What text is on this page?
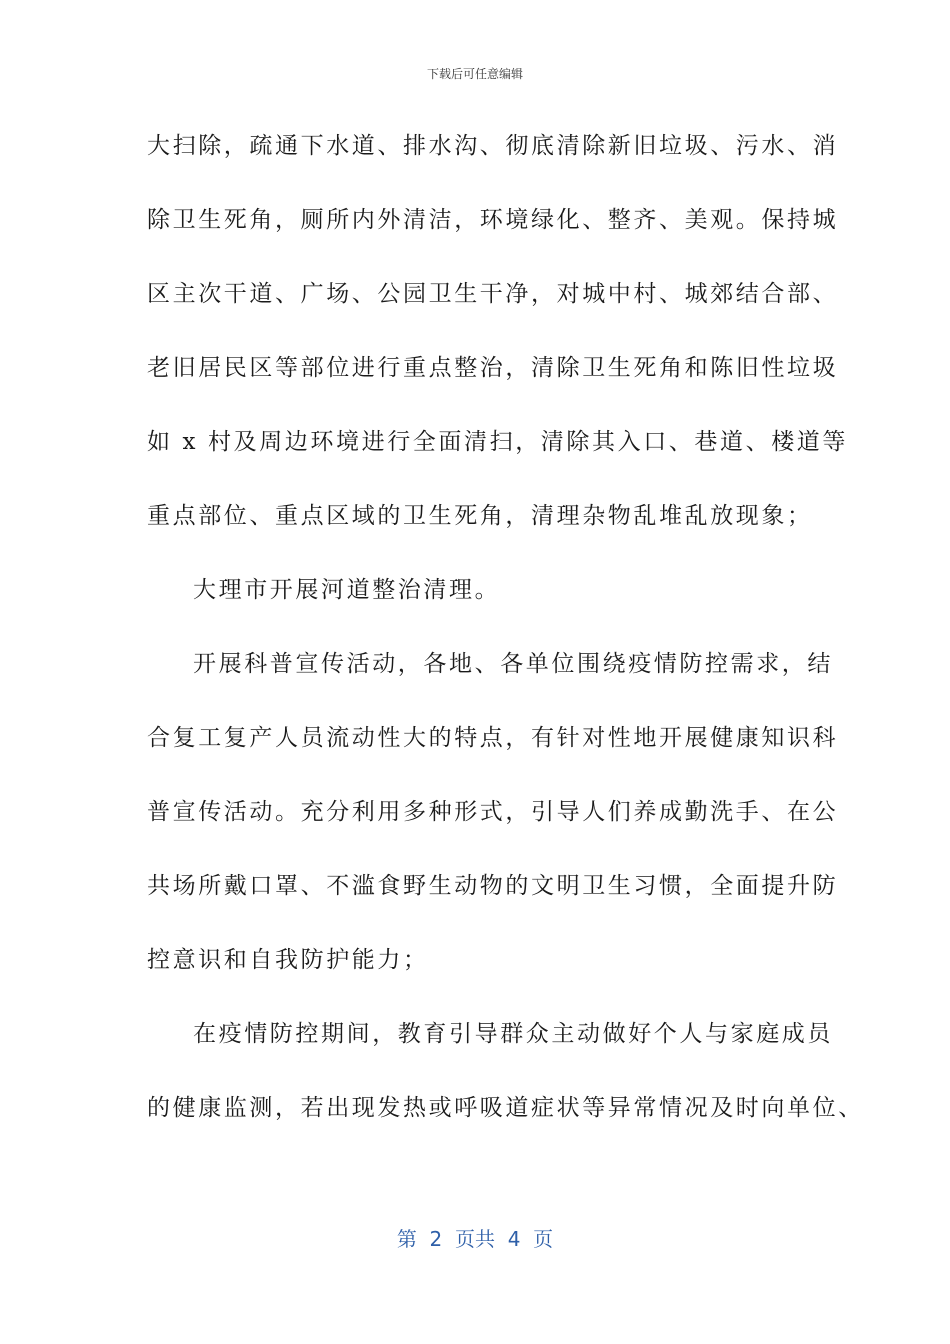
下载后可任意编辑
大扫除，疏通下水道、排水沟、彻底清除新旧垃圾、污水、消
除卫生死角，厕所内外清洁，环境绿化、整齐、美观。保持城
区主次干道、广场、公园卫生干净，对城中村、城郊结合部、
老旧居民区等部位进行重点整治，清除卫生死角和陈旧性垃圾
如 x 村及周边环境进行全面清扫，清除其入口、巷道、楼道等
重点部位、重点区域的卫生死角，清理杂物乱堆乱放现象；
大理市开展河道整治清理。
开展科普宣传活动，各地、各单位围绕疫情防控需求，结
合复工复产人员流动性大的特点，有针对性地开展健康知识科
普宣传活动。充分利用多种形式，引导人们养成勤洗手、在公
共场所戴口罩、不滥食野生动物的文明卫生习惯，全面提升防
控意识和自我防护能力；
在疫情防控期间，教育引导群众主动做好个人与家庭成员
的健康监测，若出现发热或呼吸道症状等异常情况及时向单位、
第  2  页共  4  页
